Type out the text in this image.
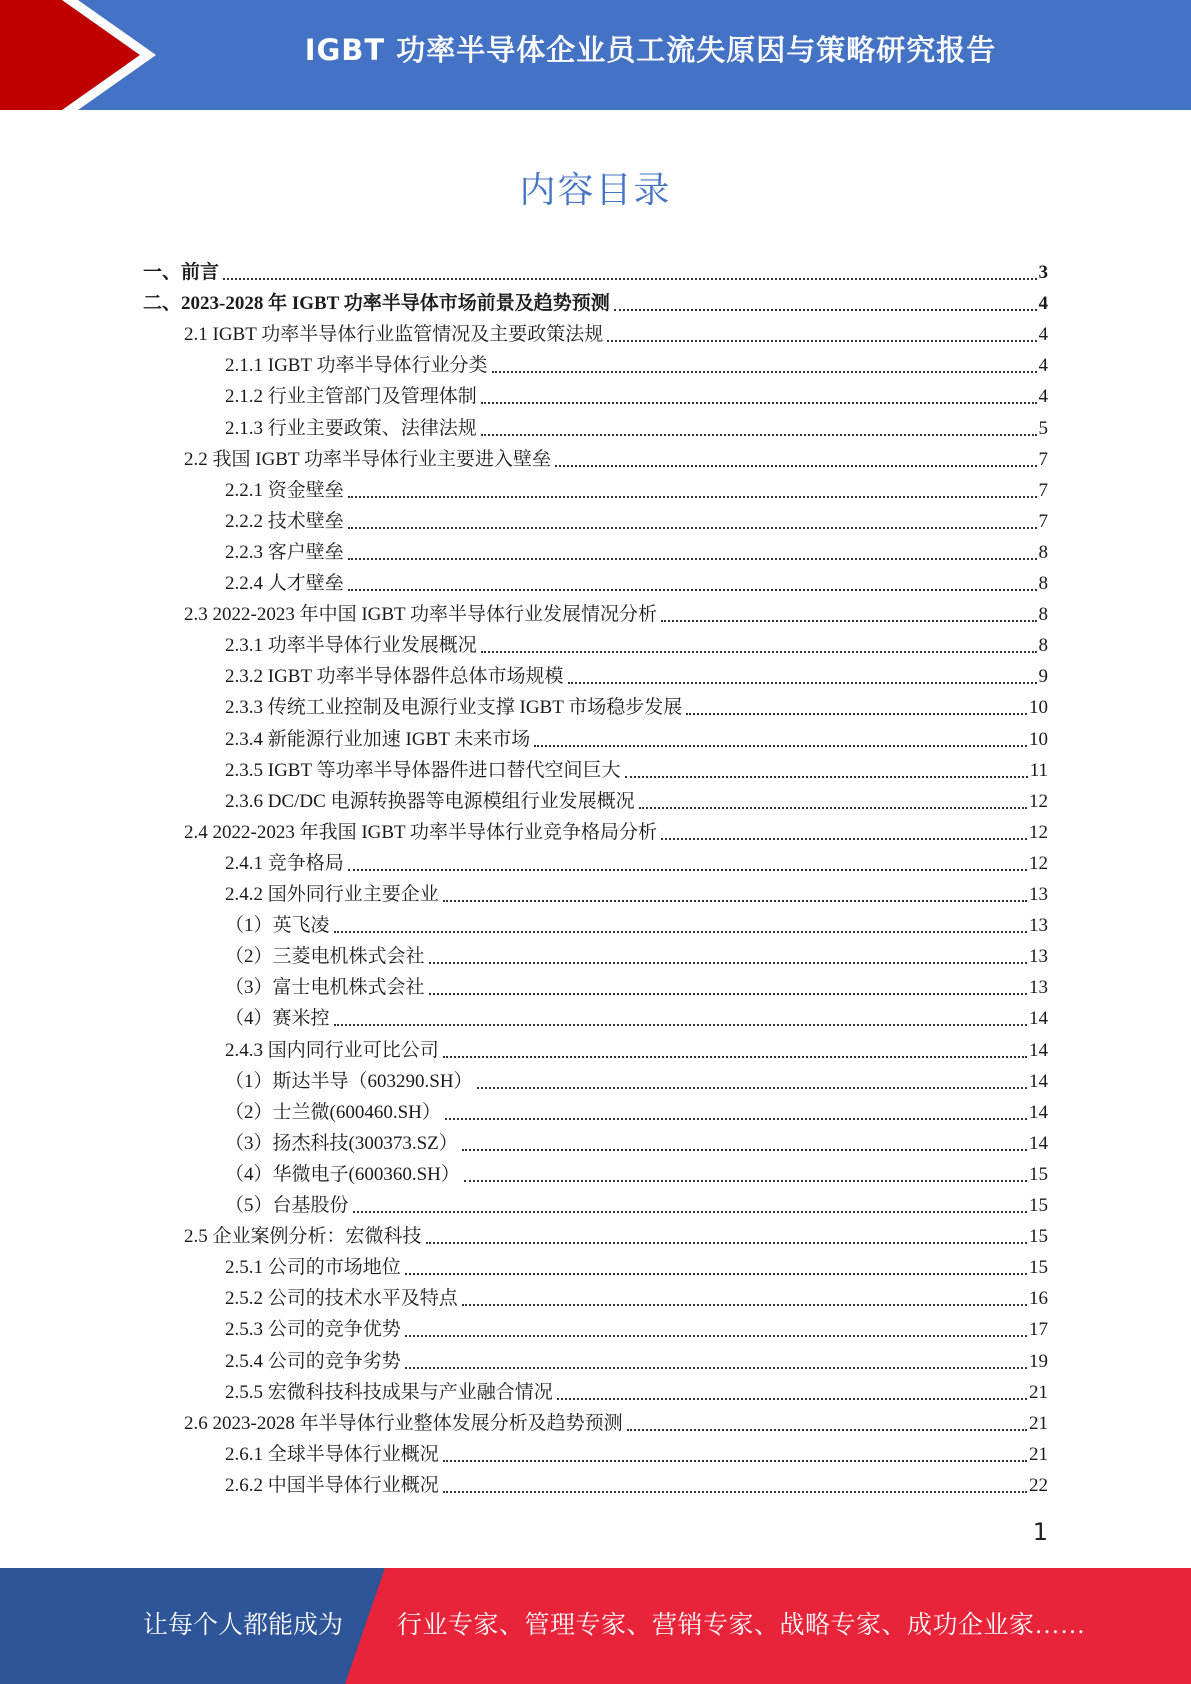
IGBT 功率半导体企业员工流失原因与策略研究报告
内容目录
一、前言	3
二、2023-2028 年 IGBT 功率半导体市场前景及趋势预测	4
2.1 IGBT 功率半导体行业监管情况及主要政策法规	4
2.1.1 IGBT 功率半导体行业分类	4
2.1.2 行业主管部门及管理体制	4
2.1.3 行业主要政策、法律法规	5
2.2 我国 IGBT 功率半导体行业主要进入壁垒	7
2.2.1 资金壁垒	7
2.2.2 技术壁垒	7
2.2.3 客户壁垒	8
2.2.4 人才壁垒	8
2.3 2022-2023 年中国 IGBT 功率半导体行业发展情况分析	8
2.3.1 功率半导体行业发展概况	8
2.3.2 IGBT 功率半导体器件总体市场规模	9
2.3.3 传统工业控制及电源行业支撑 IGBT 市场稳步发展	10
2.3.4 新能源行业加速 IGBT 未来市场	10
2.3.5 IGBT 等功率半导体器件进口替代空间巨大	11
2.3.6 DC/DC 电源转换器等电源模组行业发展概况	12
2.4 2022-2023 年我国 IGBT 功率半导体行业竞争格局分析	12
2.4.1 竞争格局	12
2.4.2 国外同行业主要企业	13
（1）英飞凌	13
（2）三菱电机株式会社	13
（3）富士电机株式会社	13
（4）赛米控	14
2.4.3 国内同行业可比公司	14
（1）斯达半导（603290.SH）	14
（2）士兰微(600460.SH）	14
（3）扬杰科技(300373.SZ）	14
（4）华微电子(600360.SH）	15
（5）台基股份	15
2.5 企业案例分析：宏微科技	15
2.5.1 公司的市场地位	15
2.5.2 公司的技术水平及特点	16
2.5.3 公司的竞争优势	17
2.5.4 公司的竞争劣势	19
2.5.5 宏微科技科技成果与产业融合情况	21
2.6 2023-2028 年半导体行业整体发展分析及趋势预测	21
2.6.1 全球半导体行业概况	21
2.6.2 中国半导体行业概况	22
1
让每个人都能成为 行业专家、管理专家、营销专家、战略专家、成功企业家……
